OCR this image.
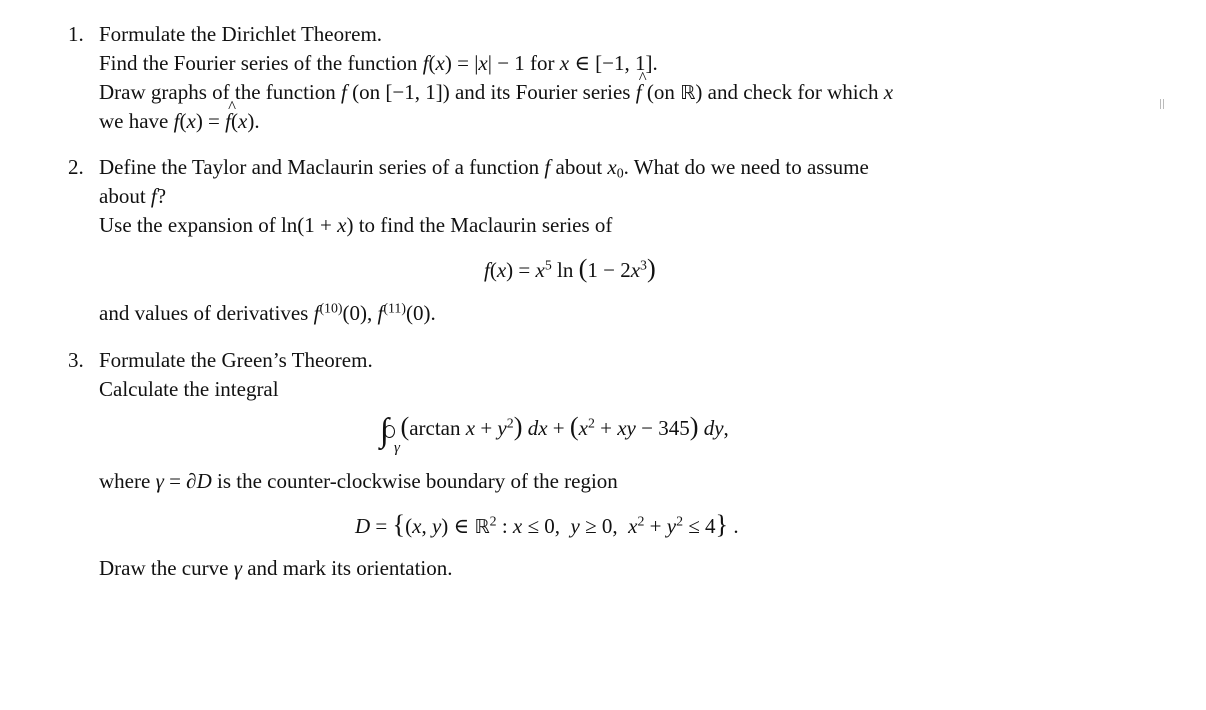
1. Formulate the Dirichlet Theorem.
Find the Fourier series of the function f(x) = |x| − 1 for x ∈ [−1, 1].
Draw graphs of the function f (on [−1, 1]) and its Fourier series ^ f (on ℝ) and check for which x
we have f(x) = ^ f(x).
2. Define the Taylor and Maclaurin series of a function f about $x_0$. What do we need to assume
about f?
Use the expansion of ln(1 + x) to find the Maclaurin series of
$f(x) = x^5$ $\ln (1 - 2x^3)$
and values of derivatives $f^{(10)}(0)$, $f^{(11)}(0)$.
3. Formulate the Green’s Theorem.
Calculate the integral
∫ γ
(arctan $x + y^2$) dx + ($x^2$ + xy − 345) dy,
where γ = ∂D is the counter-clockwise boundary of the region
D = {(x, y) ∈ ℝ$^2$ : x ≤ 0,  y ≥ 0,  $x^2 + y^2 \le 4$} .
Draw the curve γ and mark its orientation.
